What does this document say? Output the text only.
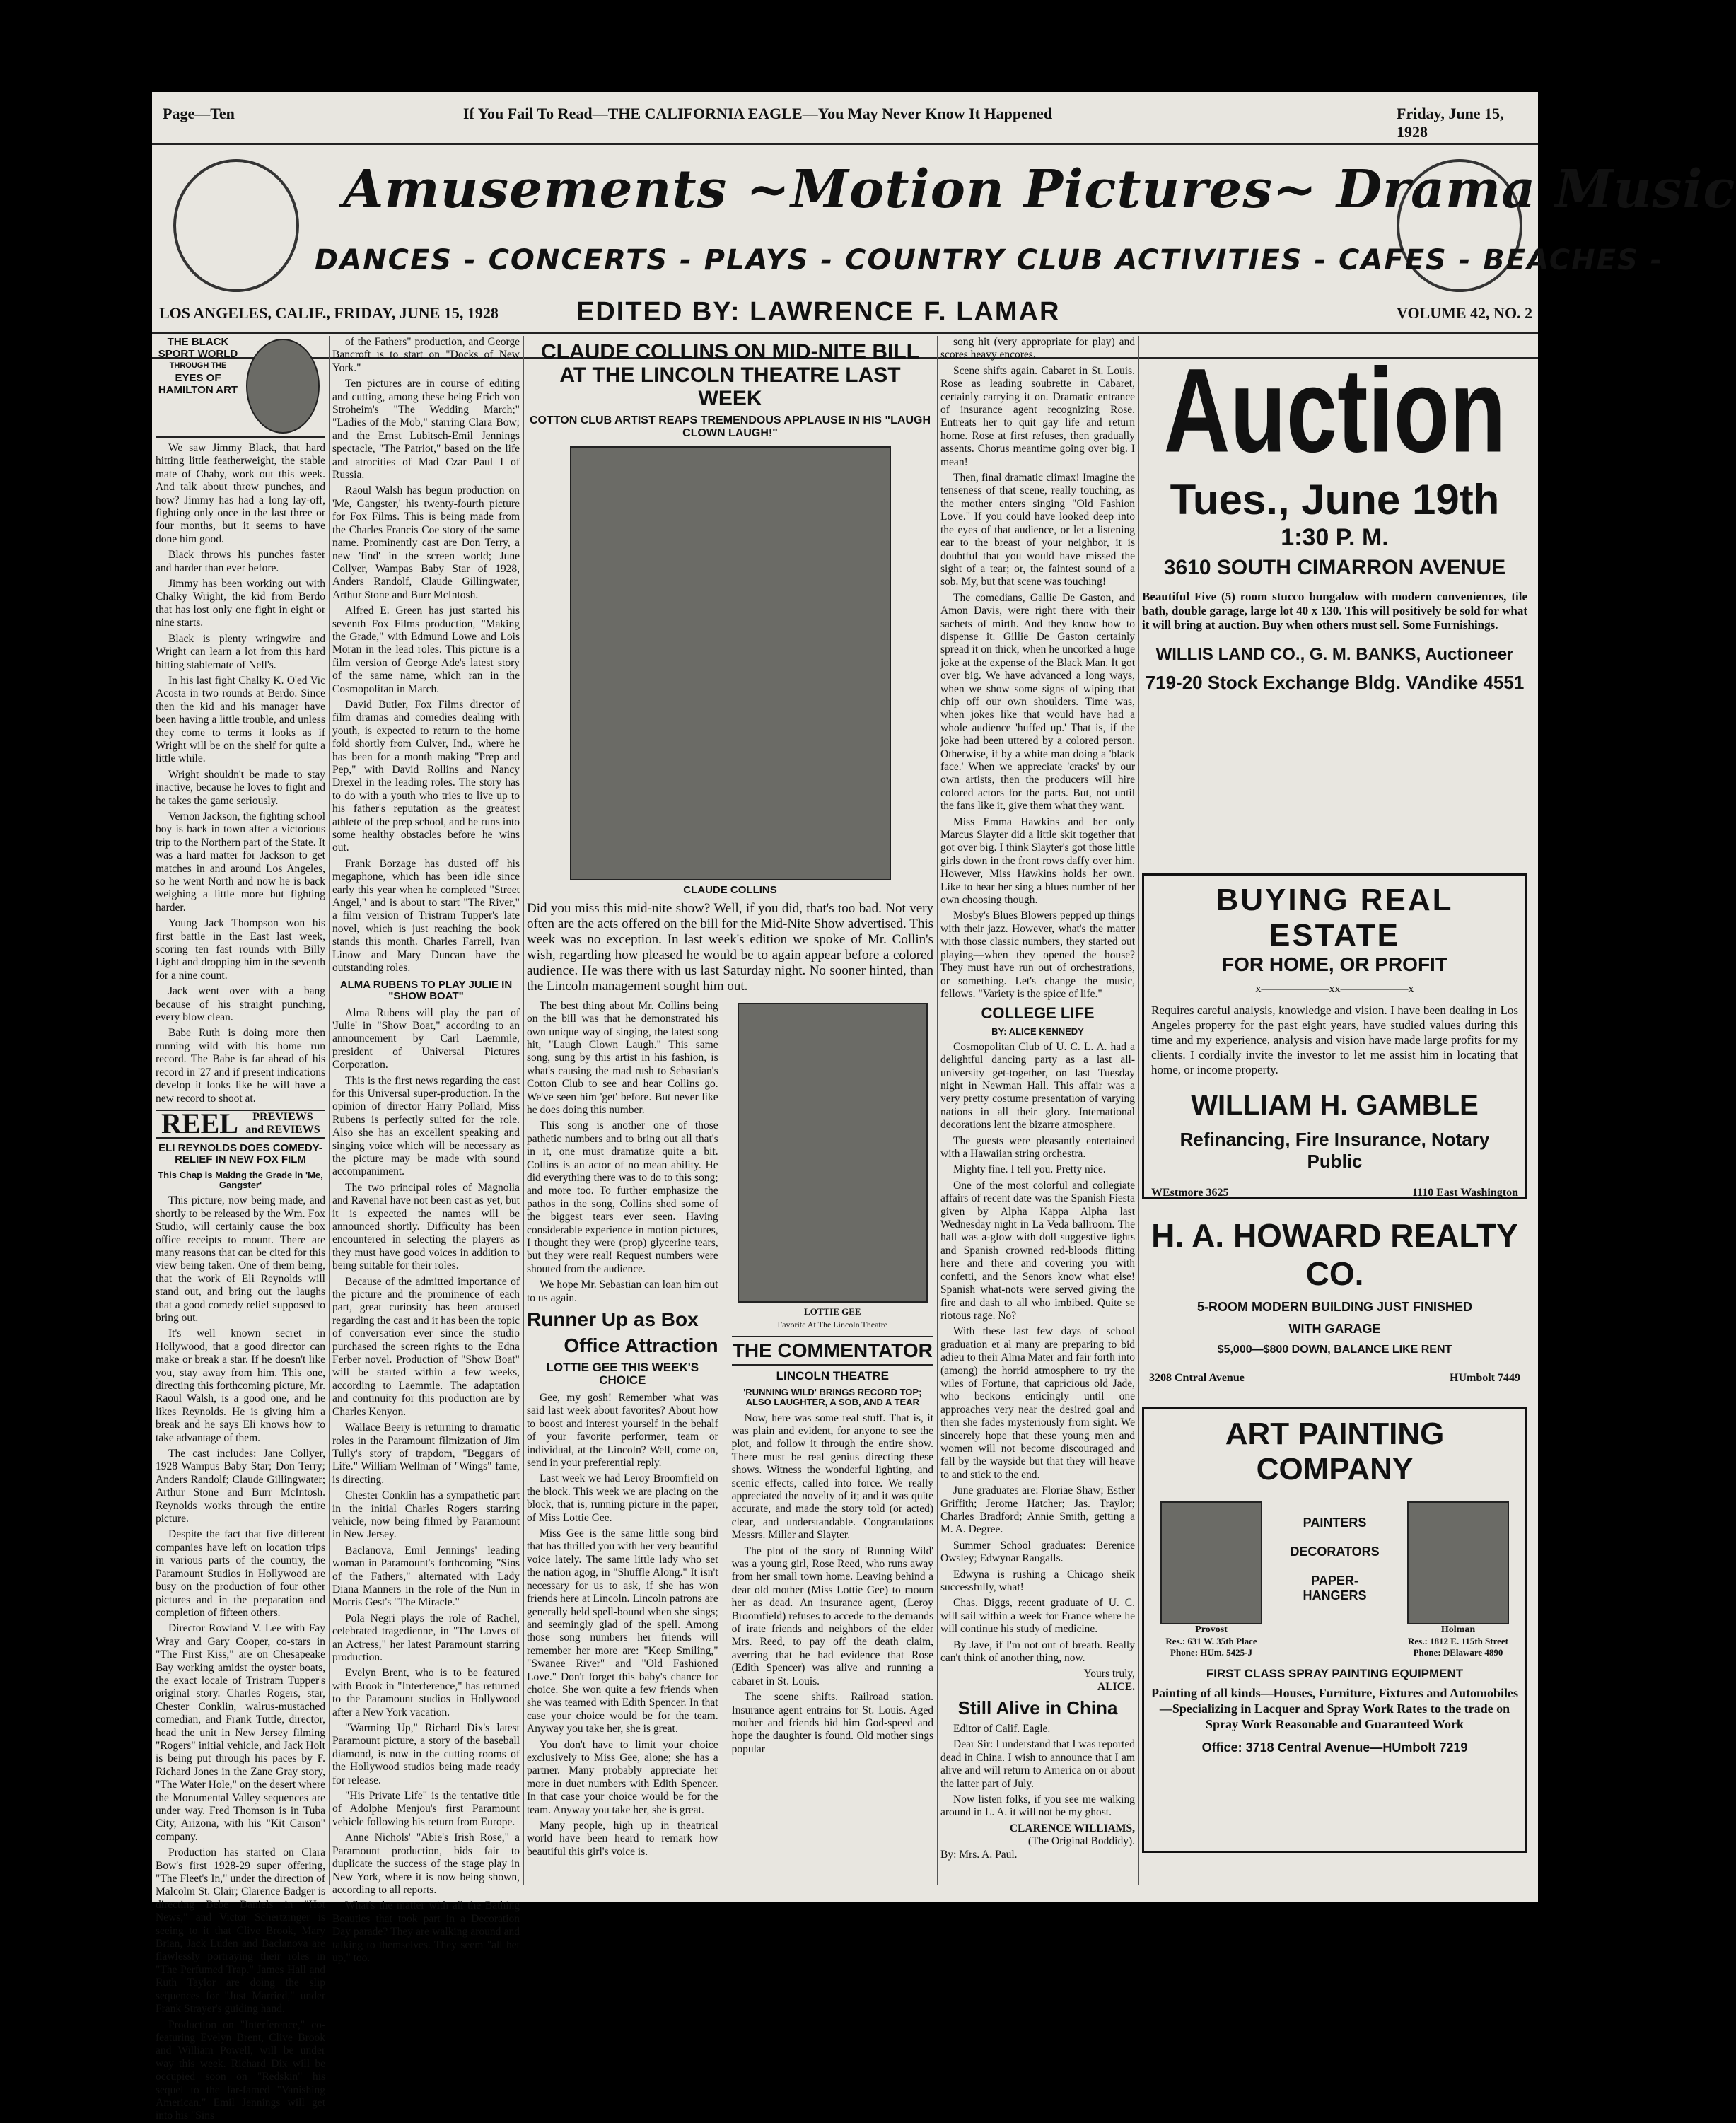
Page—Ten	If You Fail To Read—THE CALIFORNIA EAGLE—You May Never Know It Happened	Friday, June 15, 1928
Amusements ~Motion Pictures~ Drama Music
DANCES - CONCERTS - PLAYS - COUNTRY CLUB ACTIVITIES - CAFES - BEACHES -
LOS ANGELES, CALIF., FRIDAY, JUNE 15, 1928	EDITED BY: LAWRENCE F. LAMAR	VOLUME 42, NO. 2
THE BLACK SPORT WORLD
THROUGH THE
EYES OF
HAMILTON ART

We saw Jimmy Black, that hard hitting little featherweight, the stable mate of Chaby, work out this week. And talk about throw punches, and how? Jimmy has had a long lay-off, fighting only once in the last three or four months, but it seems to have done him good.

Black throws his punches faster and harder than ever before.

Jimmy has been working out with Chalky Wright, the kid from Berdo that has lost only one fight in eight or nine starts.

Black is plenty wringwire and Wright can learn a lot from this hard hitting stablemate of Nell's.

In his last fight Chalky K. O'ed Vic Acosta in two rounds at Berdo. Since then the kid and his manager have been having a little trouble, and unless they come to terms it looks as if Wright will be on the shelf for quite a little while.

Wright shouldn't be made to stay inactive, because he loves to fight and he takes the game seriously.

Vernon Jackson, the fighting school boy is back in town after a victorious trip to the Northern part of the State. It was a hard matter for Jackson to get matches in and around Los Angeles, so he went North and now he is back weighing a little more but fighting harder.

Young Jack Thompson won his first battle in the East last week, scoring ten fast rounds with Billy Light and dropping him in the seventh for a nine count.

Jack went over with a bang because of his straight punching, every blow clean.

Babe Ruth is doing more then running wild with his home run record. The Babe is far ahead of his record in '27 and if present indications develop it looks like he will have a new record to shoot at.

REEL	PREVIEWS and REVIEWS
ELI REYNOLDS DOES COMEDY-RELIEF IN NEW FOX FILM
This Chap is Making the Grade in 'Me, Gangster'

This picture, now being made, and shortly to be released by the Wm. Fox Studio, will certainly cause the box office receipts to mount. There are many reasons that can be cited for this view being taken. One of them being, that the work of Eli Reynolds will stand out, and bring out the laughs that a good comedy relief supposed to bring out.

It's well known secret in Hollywood, that a good director can make or break a star. If he doesn't like you, stay away from him. This one, directing this forthcoming picture, Mr. Raoul Walsh, is a good one, and he likes Reynolds. He is giving him a break and he says Eli knows how to take advantage of them.

The cast includes: Jane Collyer, 1928 Wampus Baby Star; Don Terry; Anders Randolf; Claude Gillingwater; Arthur Stone and Burr McIntosh. Reynolds works through the entire picture.

Despite the fact that five different companies have left on location trips in various parts of the country, the Paramount Studios in Hollywood are busy on the production of four other pictures and in the preparation and completion of fifteen others.

Director Rowland V. Lee with Fay Wray and Gary Cooper, co-stars in "The First Kiss," are on Chesapeake Bay working amidst the oyster boats, the exact locale of Tristram Tupper's original story. Charles Rogers, star, Chester Conklin, walrus-mustached comedian, and Frank Tuttle, director, head the unit in New Jersey filming "Rogers" initial vehicle, and Jack Holt is being put through his paces by F. Richard Jones in the Zane Gray story, "The Water Hole," on the desert where the Monumental Valley sequences are under way. Fred Thomson is in Tuba City, Arizona, with his "Kit Carson" company.

Production has started on Clara Bow's first 1928-29 super offering, "The Fleet's In," under the direction of Malcolm St. Clair; Clarence Badger is directing Bebe Daniels in "Hot News," and Victor Schertzinger is seeing to it that Clive Brook, Mary Brian, Jack Luden and Baclanova are flawlessly portraying their roles in "The Perfumed Trap." James Hall and Ruth Taylor are doing the slip sequences for "Just Married," under Frank Strayer's guiding hand.

Production on "Interference," co-featuring Evelyn Brent, Clive Brook and William Powell, will be under way this week. Richard Dix will be occupied soon on "Redskin" his sequel to the far-famed "Vanishing American." Emil Jennings will get into his "Sins

of the Fathers" production, and George Bancroft is to start on "Docks of New York."

Ten pictures are in course of editing and cutting, among these being Erich von Stroheim's "The Wedding March;" "Ladies of the Mob," starring Clara Bow; and the Ernst Lubitsch-Emil Jennings spectacle, "The Patriot," based on the life and atrocities of Mad Czar Paul I of Russia.

Raoul Walsh has begun production on 'Me, Gangster,' his twenty-fourth picture for Fox Films. This is being made from the Charles Francis Coe story of the same name. Prominently cast are Don Terry, a new 'find' in the screen world; June Collyer, Wampas Baby Star of 1928, Anders Randolf, Claude Gillingwater, Arthur Stone and Burr McIntosh.

Alfred E. Green has just started his seventh Fox Films production, "Making the Grade," with Edmund Lowe and Lois Moran in the lead roles. This picture is a film version of George Ade's latest story of the same name, which ran in the Cosmopolitan in March.

David Butler, Fox Films director of film dramas and comedies dealing with youth, is expected to return to the home fold shortly from Culver, Ind., where he has been for a month making "Prep and Pep," with David Rollins and Nancy Drexel in the leading roles. The story has to do with a youth who tries to live up to his father's reputation as the greatest athlete of the prep school, and he runs into some healthy obstacles before he wins out.

Frank Borzage has dusted off his megaphone, which has been idle since early this year when he completed "Street Angel," and is about to start "The River," a film version of Tristram Tupper's late novel, which is just reaching the book stands this month. Charles Farrell, Ivan Linow and Mary Duncan have the outstanding roles.

ALMA RUBENS TO PLAY JULIE IN "SHOW BOAT"

Alma Rubens will play the part of 'Julie' in "Show Boat," according to an announcement by Carl Laemmle, president of Universal Pictures Corporation.

This is the first news regarding the cast for this Universal super-production. In the opinion of director Harry Pollard, Miss Rubens is perfectly suited for the role. Also she has an excellent speaking and singing voice which will be necessary as the picture may be made with sound accompaniment.

The two principal roles of Magnolia and Ravenal have not been cast as yet, but it is expected the names will be announced shortly. Difficulty has been encountered in selecting the players as they must have good voices in addition to being suitable for their roles.

Because of the admitted importance of the picture and the prominence of each part, great curiosity has been aroused regarding the cast and it has been the topic of conversation ever since the studio purchased the screen rights to the Edna Ferber novel. Production of "Show Boat" will be started within a few weeks, according to Laemmle. The adaptation and continuity for this production are by Charles Kenyon.

Wallace Beery is returning to dramatic roles in the Paramount filmization of Jim Tully's story of trapdom, "Beggars of Life." William Wellman of "Wings" fame, is directing.

Chester Conklin has a sympathetic part in the initial Charles Rogers starring vehicle, now being filmed by Paramount in New Jersey.

Baclanova, Emil Jennings' leading woman in Paramount's forthcoming "Sins of the Fathers," alternated with Lady Diana Manners in the role of the Nun in Morris Gest's "The Miracle."

Pola Negri plays the role of Rachel, celebrated tragedienne, in "The Loves of an Actress," her latest Paramount starring production.

Evelyn Brent, who is to be featured with Brook in "Interference," has returned to the Paramount studios in Hollywood after a New York vacation.

"Warming Up," Richard Dix's latest Paramount picture, a story of the baseball diamond, is now in the cutting rooms of the Hollywood studios being made ready for release.

"His Private Life" is the tentative title of Adolphe Menjou's first Paramount vehicle following his return from Europe.

Anne Nichols' "Abie's Irish Rose," a Paramount production, bids fair to duplicate the success of the stage play in New York, where it is now being shown, according to all reports.

What's the matter with all the Bathing Beauties that took part in a Decoration Day parade? They are walking around and talking to themselves. They seem "all het up," too.

CLAUDE COLLINS ON MID-NITE BILL AT THE LINCOLN THEATRE LAST WEEK
COTTON CLUB ARTIST REAPS TREMENDOUS APPLAUSE IN HIS "LAUGH CLOWN LAUGH!"
CLAUDE COLLINS
Did you miss this mid-nite show? Well, if you did, that's too bad. Not very often are the acts offered on the bill for the Mid-Nite Show advertised. This week was no exception. In last week's edition we spoke of Mr. Collin's wish, regarding how pleased he would be to again appear before a colored audience. He was there with us last Saturday night. No sooner hinted, than the Lincoln management sought him out.

The best thing about Mr. Collins being on the bill was that he demonstrated his own unique way of singing, the latest song hit, "Laugh Clown Laugh." This same song, sung by this artist in his fashion, is what's causing the mad rush to Sebastian's Cotton Club to see and hear Collins go. We've seen him 'get' before. But never like he does doing this number.

This song is another one of those pathetic numbers and to bring out all that's in it, one must dramatize quite a bit. Collins is an actor of no mean ability. He did everything there was to do to this song; and more too. To further emphasize the pathos in the song, Collins shed some of the biggest tears ever seen. Having considerable experience in motion pictures, I thought they were (prop) glycerine tears, but they were real! Request numbers were shouted from the audience.

We hope Mr. Sebastian can loan him out to us again.

Runner Up as Box
Office Attraction
LOTTIE GEE THIS WEEK'S CHOICE

Gee, my gosh! Remember what was said last week about favorites? About how to boost and interest yourself in the behalf of your favorite performer, team or individual, at the Lincoln? Well, come on, send in your preferential reply.

Last week we had Leroy Broomfield on the block. This week we are placing on the block, that is, running picture in the paper, of Miss Lottie Gee.

Miss Gee is the same little song bird that has thrilled you with her very beautiful voice lately. The same little lady who set the nation agog, in "Shuffle Along." It isn't necessary for us to ask, if she has won friends here at Lincoln. Lincoln patrons are generally held spell-bound when she sings; and seemingly glad of the spell. Among those song numbers her friends will remember her more are: "Keep Smiling," "Swanee River" and "Old Fashioned Love." Don't forget this baby's chance for choice. She won quite a few friends when she was teamed with Edith Spencer. In that case your choice would be for the team. Anyway you take her, she is great.

You don't have to limit your choice exclusively to Miss Gee, alone; she has a partner. Many probably appreciate her more in duet numbers with Edith Spencer. In that case your choice would be for the team. Anyway you take her, she is great.

Many people, high up in theatrical world have been heard to remark how beautiful this girl's voice is.

LOTTIE GEE
Favorite At The Lincoln Theatre
THE COMMENTATOR
LINCOLN THEATRE
'RUNNING WILD' BRINGS RECORD TOP; ALSO LAUGHTER, A SOB, AND A TEAR

Now, here was some real stuff. That is, it was plain and evident, for anyone to see the plot, and follow it through the entire show. There must be real genius directing these shows. Witness the wonderful lighting, and scenic effects, called into force. We really appreciated the novelty of it; and it was quite accurate, and made the story told (or acted) clear, and understandable. Congratulations Messrs. Miller and Slayter.

The plot of the story of 'Running Wild' was a young girl, Rose Reed, who runs away from her small town home. Leaving behind a dear old mother (Miss Lottie Gee) to mourn her as dead. An insurance agent, (Leroy Broomfield) refuses to accede to the demands of irate friends and neighbors of the elder Mrs. Reed, to pay off the death claim, averring that he had evidence that Rose (Edith Spencer) was alive and running a cabaret in St. Louis.

The scene shifts. Railroad station. Insurance agent entrains for St. Louis. Aged mother and friends bid him God-speed and hope the daughter is found. Old mother sings popular

song hit (very appropriate for play) and scores heavy encores.

Scene shifts again. Cabaret in St. Louis. Rose as leading soubrette in Cabaret, certainly carrying it on. Dramatic entrance of insurance agent recognizing Rose. Entreats her to quit gay life and return home. Rose at first refuses, then gradually assents. Chorus meantime going over big. I mean!

Then, final dramatic climax! Imagine the tenseness of that scene, really touching, as the mother enters singing "Old Fashion Love." If you could have looked deep into the eyes of that audience, or let a listening ear to the breast of your neighbor, it is doubtful that you would have missed the sight of a tear; or, the faintest sound of a sob. My, but that scene was touching!

The comedians, Gallie De Gaston, and Amon Davis, were right there with their sachets of mirth. And they know how to dispense it. Gillie De Gaston certainly spread it on thick, when he uncorked a huge joke at the expense of the Black Man. It got over big. We have advanced a long ways, when we show some signs of wiping that chip off our own shoulders. Time was, when jokes like that would have had a whole audience 'huffed up.' That is, if the joke had been uttered by a colored person. Otherwise, if by a white man doing a 'black face.' When we appreciate 'cracks' by our own artists, then the producers will hire colored actors for the parts. But, not until the fans like it, give them what they want.

Miss Emma Hawkins and her only Marcus Slayter did a little skit together that got over big. I think Slayter's got those little girls down in the front rows daffy over him. However, Miss Hawkins holds her own. Like to hear her sing a blues number of her own choosing though.

Mosby's Blues Blowers pepped up things with their jazz. However, what's the matter with those classic numbers, they started out playing—when they opened the house? They must have run out of orchestrations, or something. Let's change the music, fellows. "Variety is the spice of life."

COLLEGE LIFE
BY: ALICE KENNEDY

Cosmopolitan Club of U. C. L. A. had a delightful dancing party as a last all-university get-together, on last Tuesday night in Newman Hall. This affair was a very pretty costume presentation of varying nations in all their glory. International decorations lent the bizarre atmosphere.

The guests were pleasantly entertained with a Hawaiian string orchestra.

Mighty fine. I tell you. Pretty nice.

One of the most colorful and collegiate affairs of recent date was the Spanish Fiesta given by Alpha Kappa Alpha last Wednesday night in La Veda ballroom. The hall was a-glow with doll suggestive lights and Spanish crowned red-bloods flitting here and there and covering you with confetti, and the Senors know what else! Spanish what-nots were served giving the fire and dash to all who imbibed. Quite se riotous rage. No?

With these last few days of school graduation et al many are preparing to bid adieu to their Alma Mater and fair forth into (among) the horrid atmosphere to try the wiles of Fortune, that capricious old Jade, who beckons enticingly until one approaches very near the desired goal and then she fades mysteriously from sight. We sincerely hope that these young men and women will not become discouraged and fall by the wayside but that they will heave to and stick to the end.

June graduates are: Floriae Shaw; Esther Griffith; Jerome Hatcher; Jas. Traylor; Charles Bradford; Annie Smith, getting a M. A. Degree.

Summer School graduates: Berenice Owsley; Edwynar Rangalls.

Edwyna is rushing a Chicago sheik successfully, what!

Chas. Diggs, recent graduate of U. C. will sail within a week for France where he will continue his study of medicine.

By Jave, if I'm not out of breath. Really can't think of another thing, now.

Yours truly,
ALICE.
Still Alive in China

Editor of Calif. Eagle.

Dear Sir: I understand that I was reported dead in China. I wish to announce that I am alive and will return to America on or about the latter part of July.

Now listen folks, if you see me walking around in L. A. it will not be my ghost.

CLARENCE WILLIAMS,
(The Original Boddidy).
By: Mrs. A. Paul.
Auction
Tues., June 19th
1:30 P. M.
3610 SOUTH CIMARRON AVENUE
Beautiful Five (5) room stucco bungalow with modern conveniences, tile bath, double garage, large lot 40 x 130. This will positively be sold for what it will bring at auction. Buy when others must sell. Some Furnishings.
WILLIS LAND CO., G. M. BANKS, Auctioneer
719-20 Stock Exchange Bldg. VAndike 4551
BUYING REAL ESTATE
FOR HOME, OR PROFIT
x——————xx——————x
Requires careful analysis, knowledge and vision. I have been dealing in Los Angeles property for the past eight years, have studied values during this time and my experience, analysis and vision have made large profits for my clients. I cordially invite the investor to let me assist him in locating that home, or income property.
WILLIAM H. GAMBLE
Refinancing, Fire Insurance, Notary Public
WEstmore 3625	1110 East Washington
H. A. HOWARD REALTY CO.
5-ROOM MODERN BUILDING JUST FINISHED
WITH GARAGE
$5,000—$800 DOWN, BALANCE LIKE RENT
3208 Cntral Avenue	HUmbolt 7449
ART PAINTING COMPANY
Provost
Res.: 631 W. 35th Place
Phone: HUm. 5425-J
PAINTERS
DECORATORS
PAPER-HANGERS
Holman
Res.: 1812 E. 115th Street
Phone: DElaware 4890
FIRST CLASS SPRAY PAINTING EQUIPMENT
Painting of all kinds—Houses, Furniture, Fixtures and Automobiles—Specializing in Lacquer and Spray Work Rates to the trade on Spray Work Reasonable and Guaranteed Work
Office: 3718 Central Avenue—HUmbolt 7219
